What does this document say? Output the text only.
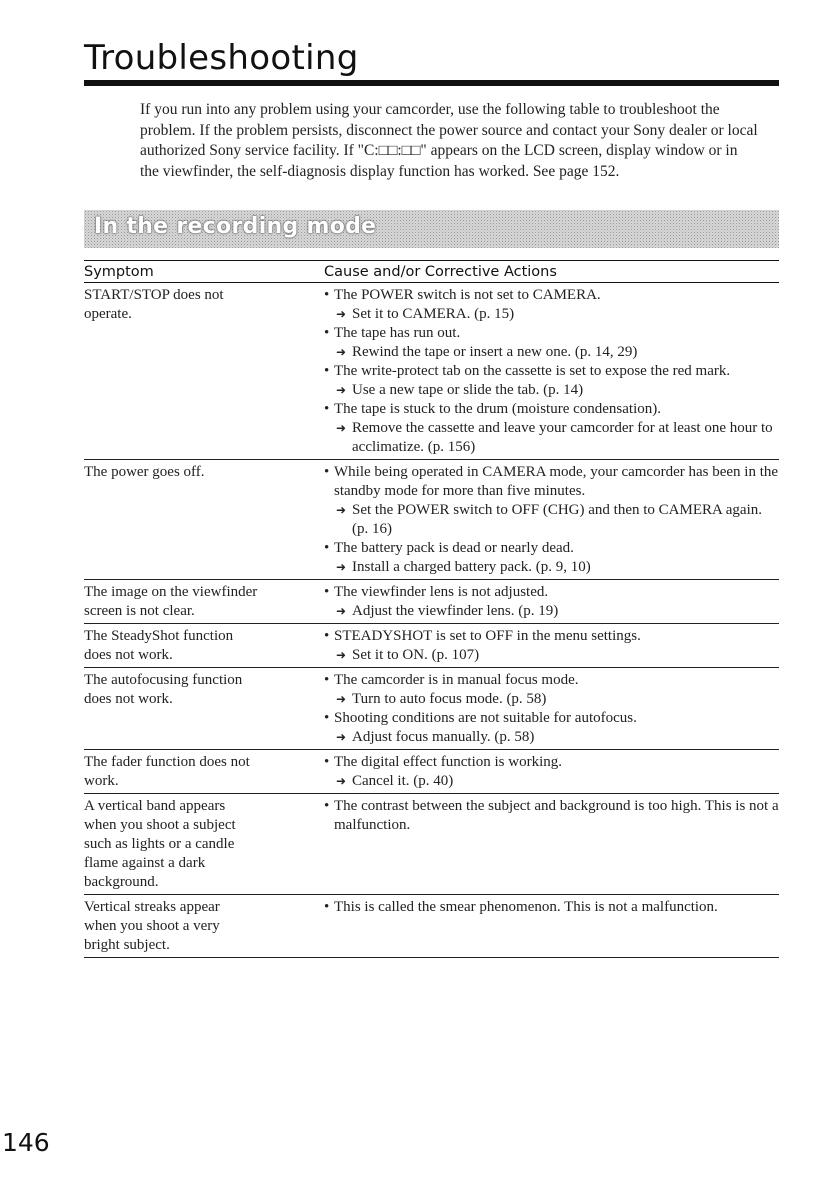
Troubleshooting

If you run into any problem using your camcorder, use the following table to troubleshoot the problem. If the problem persists, disconnect the power source and contact your Sony dealer or local authorized Sony service facility. If "C:□□:□□" appears on the LCD screen, display window or in the viewfinder, the self-diagnosis display function has worked. See page 152.

In the recording mode
Symptom	Cause and/or Corrective Actions
START/STOP does not
operate.
• The POWER switch is not set to CAMERA.
➜ Set it to CAMERA. (p. 15)
• The tape has run out.
➜ Rewind the tape or insert a new one. (p. 14, 29)
• The write-protect tab on the cassette is set to expose the red mark.
➜ Use a new tape or slide the tab. (p. 14)
• The tape is stuck to the drum (moisture condensation).
➜ Remove the cassette and leave your camcorder for at least one hour to acclimatize. (p. 156)
The power goes off.	• While being operated in CAMERA mode, your camcorder has been in the standby mode for more than five minutes.
➜ Set the POWER switch to OFF (CHG) and then to CAMERA again. (p. 16)
• The battery pack is dead or nearly dead.
➜ Install a charged battery pack. (p. 9, 10)
The image on the viewfinder
screen is not clear.
• The viewfinder lens is not adjusted.
➜ Adjust the viewfinder lens. (p. 19)
The SteadyShot function
does not work.
• STEADYSHOT is set to OFF in the menu settings.
➜ Set it to ON. (p. 107)
The autofocusing function
does not work.
• The camcorder is in manual focus mode.
➜ Turn to auto focus mode. (p. 58)
• Shooting conditions are not suitable for autofocus.
➜ Adjust focus manually. (p. 58)
The fader function does not
work.
• The digital effect function is working.
➜ Cancel it. (p. 40)
A vertical band appears
when you shoot a subject
such as lights or a candle
flame against a dark
background.
• The contrast between the subject and background is too high. This is not a malfunction.
Vertical streaks appear
when you shoot a very
bright subject.
• This is called the smear phenomenon. This is not a malfunction.
146
